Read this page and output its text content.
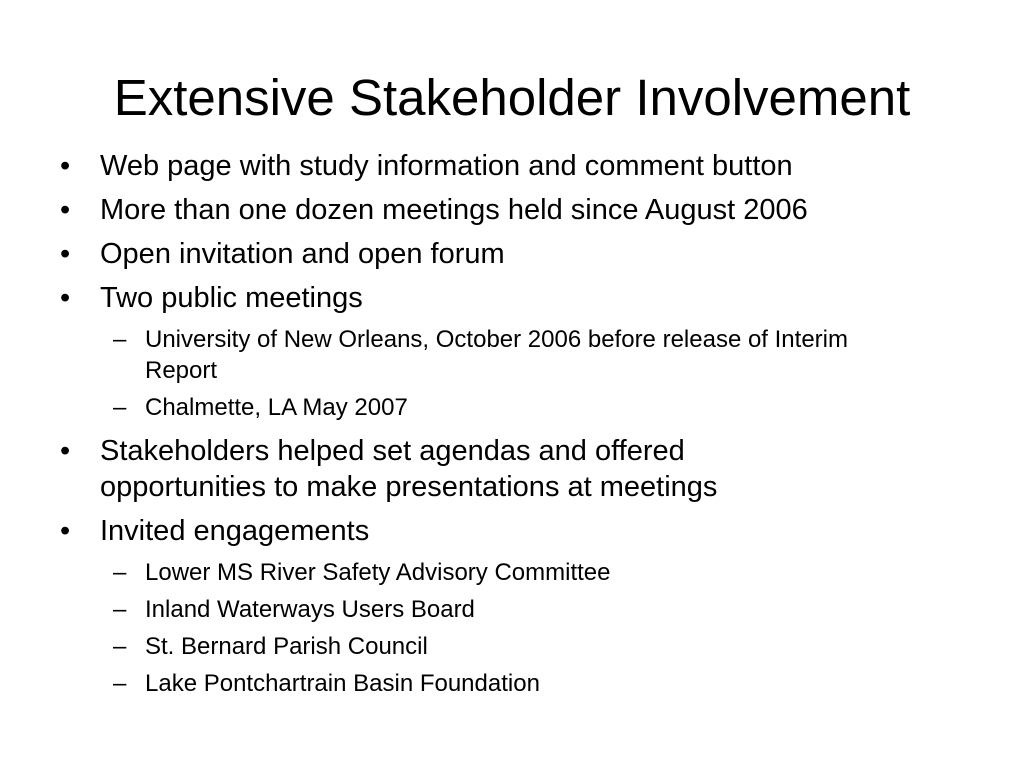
Extensive Stakeholder Involvement
• Web page with study information and comment button
• More than one dozen meetings held since August 2006
• Open invitation and open forum
• Two public meetings
– University of New Orleans, October 2006 before release of Interim Report
– Chalmette, LA May 2007
• Stakeholders helped set agendas and offered opportunities to make presentations at meetings
• Invited engagements
– Lower MS River Safety Advisory Committee
– Inland Waterways Users Board
– St. Bernard Parish Council
– Lake Pontchartrain Basin Foundation
